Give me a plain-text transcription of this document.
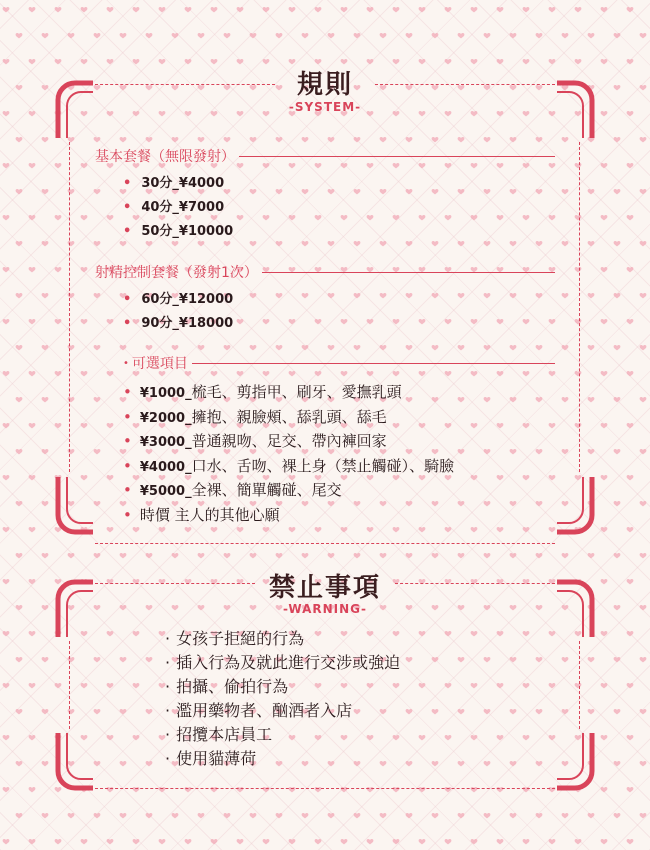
規則
-SYSTEM-
基本套餐（無限發射）
• 30分_¥4000
• 40分_¥7000
• 50分_¥10000
射精控制套餐（發射1次）
• 60分_¥12000
• 90分_¥18000
• 可選項目
• ¥1000_梳毛、剪指甲、刷牙、愛撫乳頭
• ¥2000_擁抱、親臉頰、舔乳頭、舔毛
• ¥3000_普通親吻、足交、帶內褲回家
• ¥4000_口水、舌吻、裸上身（禁止觸碰）、騎臉
• ¥5000_全裸、簡單觸碰、尾交
• 時價 主人的其他心願
禁止事項
-WARNING-
· 女孩子拒絕的行為
· 插入行為及就此進行交涉或強迫
· 拍攝、偷拍行為
· 濫用藥物者、酗酒者入店
· 招攬本店員工
· 使用貓薄荷
